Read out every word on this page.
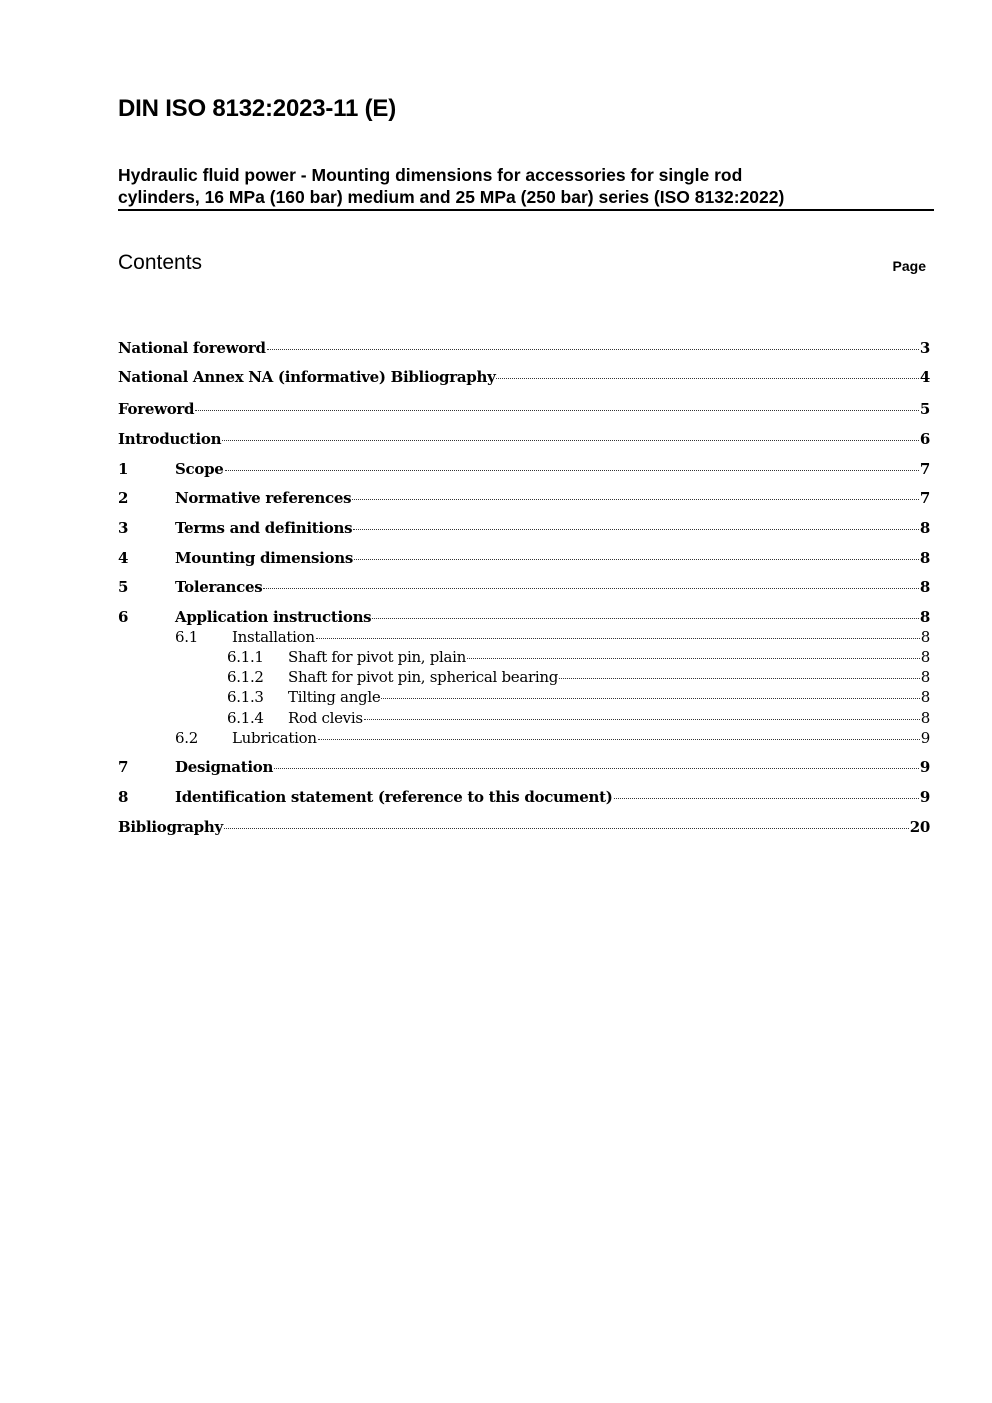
DIN ISO 8132:2023-11 (E)
Hydraulic fluid power - Mounting dimensions for accessories for single rod
cylinders, 16 MPa (160 bar) medium and 25 MPa (250 bar) series (ISO 8132:2022)
Contents	Page
National foreword	3
National Annex NA (informative) Bibliography	4
Foreword	5
Introduction	6
1	Scope	7
2	Normative references	7
3	Terms and definitions	8
4	Mounting dimensions	8
5	Tolerances	8
6	Application instructions	8
6.1	Installation	8
6.1.1	Shaft for pivot pin, plain	8
6.1.2	Shaft for pivot pin, spherical bearing	8
6.1.3	Tilting angle	8
6.1.4	Rod clevis	8
6.2	Lubrication	9
7	Designation	9
8	Identification statement (reference to this document)	9
Bibliography	20
